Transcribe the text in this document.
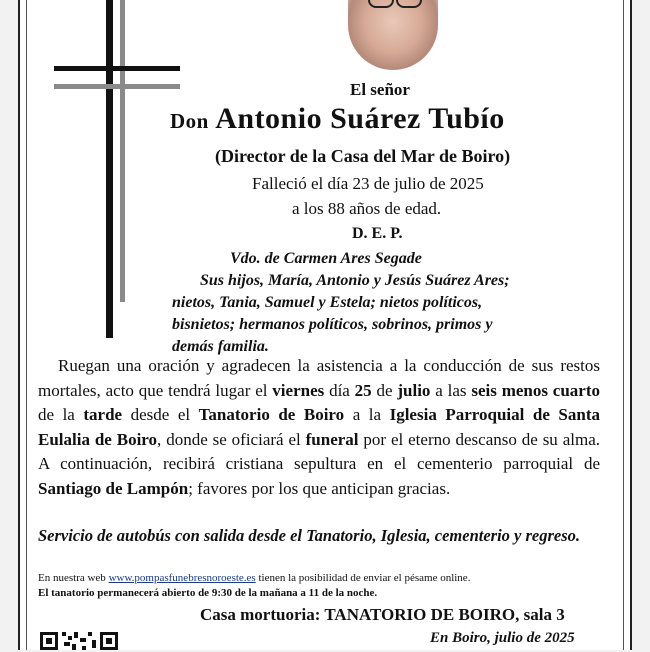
El señor
Don Antonio Suárez Tubío
(Director de la Casa del Mar de Boiro)
Falleció el día 23 de julio de 2025
a los 88 años de edad.
D. E. P.
Vdo. de Carmen Ares Segade
Sus hijos, María, Antonio y Jesús Suárez Ares;
nietos, Tania, Samuel y Estela; nietos políticos,
bisnietos; hermanos políticos, sobrinos, primos y
demás familia.
Ruegan una oración y agradecen la asistencia a la conducción de sus restos mortales, acto que tendrá lugar el viernes día 25 de julio a las seis menos cuarto de la tarde desde el Tanatorio de Boiro a la Iglesia Parroquial de Santa Eulalia de Boiro, donde se oficiará el funeral por el eterno descanso de su alma. A continuación, recibirá cristiana sepultura en el cementerio parroquial de Santiago de Lampón; favores por los que anticipan gracias.
Servicio de autobús con salida desde el Tanatorio, Iglesia, cementerio y regreso.
En nuestra web www.pompasfunebresnoroeste.es tienen la posibilidad de enviar el pésame online.
El tanatorio permanecerá abierto de 9:30 de la mañana a 11 de la noche.
Casa mortuoria: TANATORIO DE BOIRO, sala 3
En Boiro, julio de 2025
